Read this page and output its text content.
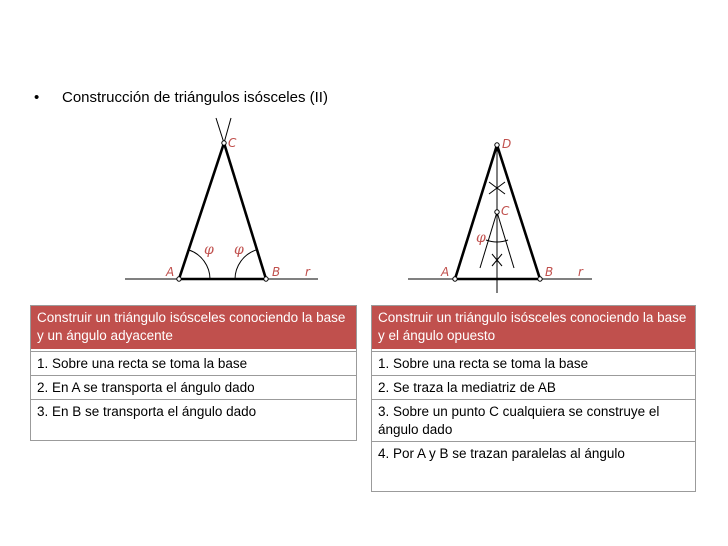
• Construcción de triángulos isósceles (II)
A	B
C
r
φ φ
A	B
C
D
r
φ
Construir un triángulo isósceles conociendo la base y un ángulo adyacente
1. Sobre una recta se toma la base
2. En A se transporta el ángulo dado
3. En B se transporta el ángulo dado
Construir un triángulo isósceles conociendo la base y el ángulo opuesto
1. Sobre una recta se toma la base
2. Se traza la mediatriz de AB
3. Sobre un punto C cualquiera se construye el ángulo dado
4. Por A y B se trazan paralelas al ángulo
